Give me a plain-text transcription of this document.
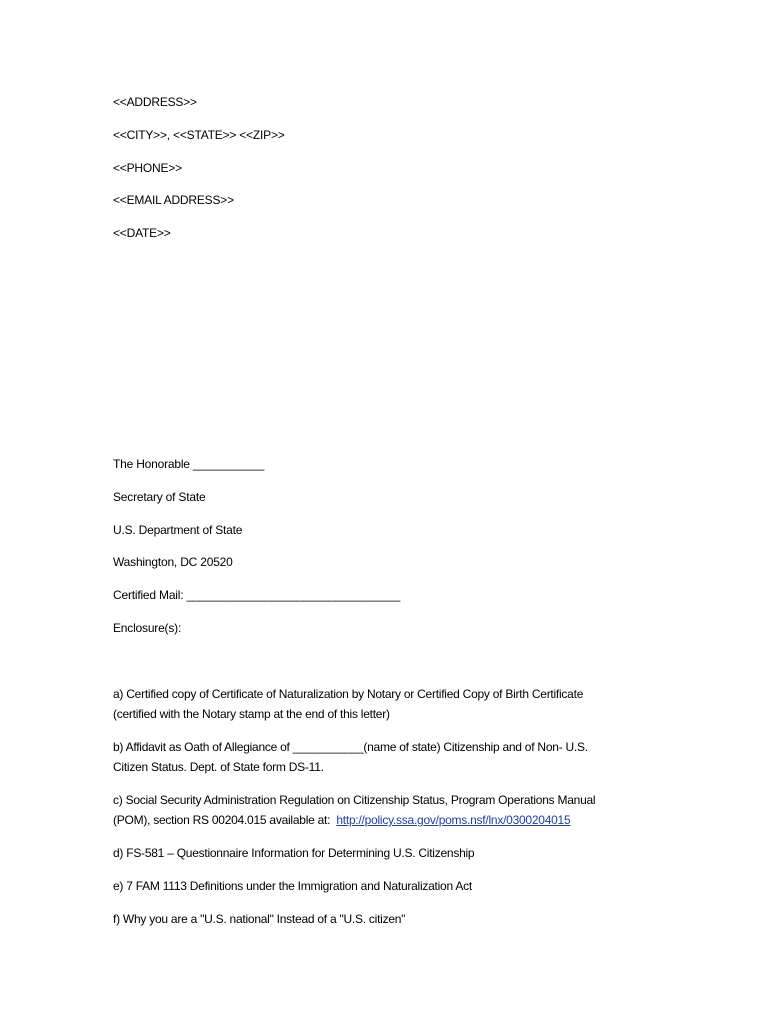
<<ADDRESS>>
<<CITY>>, <<STATE>> <<ZIP>>
<<PHONE>>
<<EMAIL ADDRESS>>
<<DATE>>
The Honorable ___________
Secretary of State
U.S. Department of State
Washington, DC 20520
Certified Mail: _________________________________
Enclosure(s):
a) Certified copy of Certificate of Naturalization by Notary or Certified Copy of Birth Certificate
(certified with the Notary stamp at the end of this letter)
b) Affidavit as Oath of Allegiance of ___________(name of state) Citizenship and of Non- U.S.
Citizen Status. Dept. of State form DS-11.
c) Social Security Administration Regulation on Citizenship Status, Program Operations Manual
(POM), section RS 00204.015 available at:  http://policy.ssa.gov/poms.nsf/lnx/0300204015
d) FS-581 – Questionnaire Information for Determining U.S. Citizenship
e) 7 FAM 1113 Definitions under the Immigration and Naturalization Act
f) Why you are a "U.S. national" Instead of a "U.S. citizen"
